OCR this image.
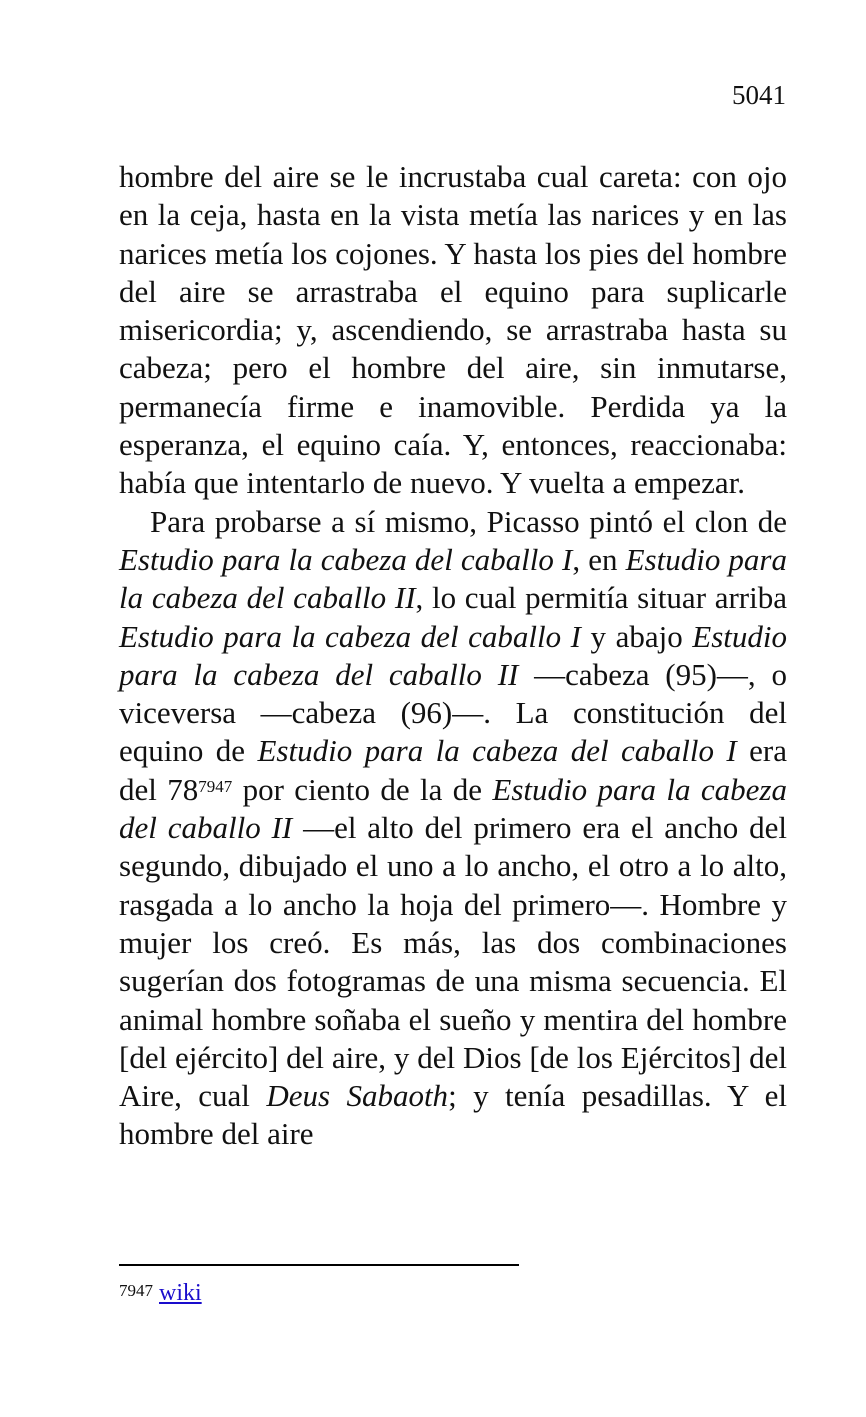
5041

hombre del aire se le incrustaba cual careta: con ojo en la ceja, hasta en la vista metía las narices y en las narices metía los cojones. Y hasta los pies del hombre del aire se arrastraba el equino para suplicarle misericordia; y, ascendiendo, se arrastraba hasta su cabeza; pero el hombre del aire, sin inmutarse, permanecía firme e inamovible. Perdida ya la esperanza, el equino caía. Y, entonces, reaccionaba: había que intentarlo de nuevo. Y vuelta a empezar.

Para probarse a sí mismo, Picasso pintó el clon de Estudio para la cabeza del caballo I, en Estudio para la cabeza del caballo II, lo cual permitía situar arriba Estudio para la cabeza del caballo I y abajo Estudio para la cabeza del caballo II —cabeza (95)—, o viceversa —cabeza (96)—. La constitución del equino de Estudio para la cabeza del caballo I era del 78$^{7947}$ por ciento de la de Estudio para la cabeza del caballo II —el alto del primero era el ancho del segundo, dibujado el uno a lo ancho, el otro a lo alto, rasgada a lo ancho la hoja del primero—. Hombre y mujer los creó. Es más, las dos combinaciones sugerían dos fotogramas de una misma secuencia. El animal hombre soñaba el sueño y mentira del hombre [del ejército] del aire, y del Dios [de los Ejércitos] del Aire, cual Deus Sabaoth; y tenía pesadillas. Y el hombre del aire

$^{7947}$ wiki
